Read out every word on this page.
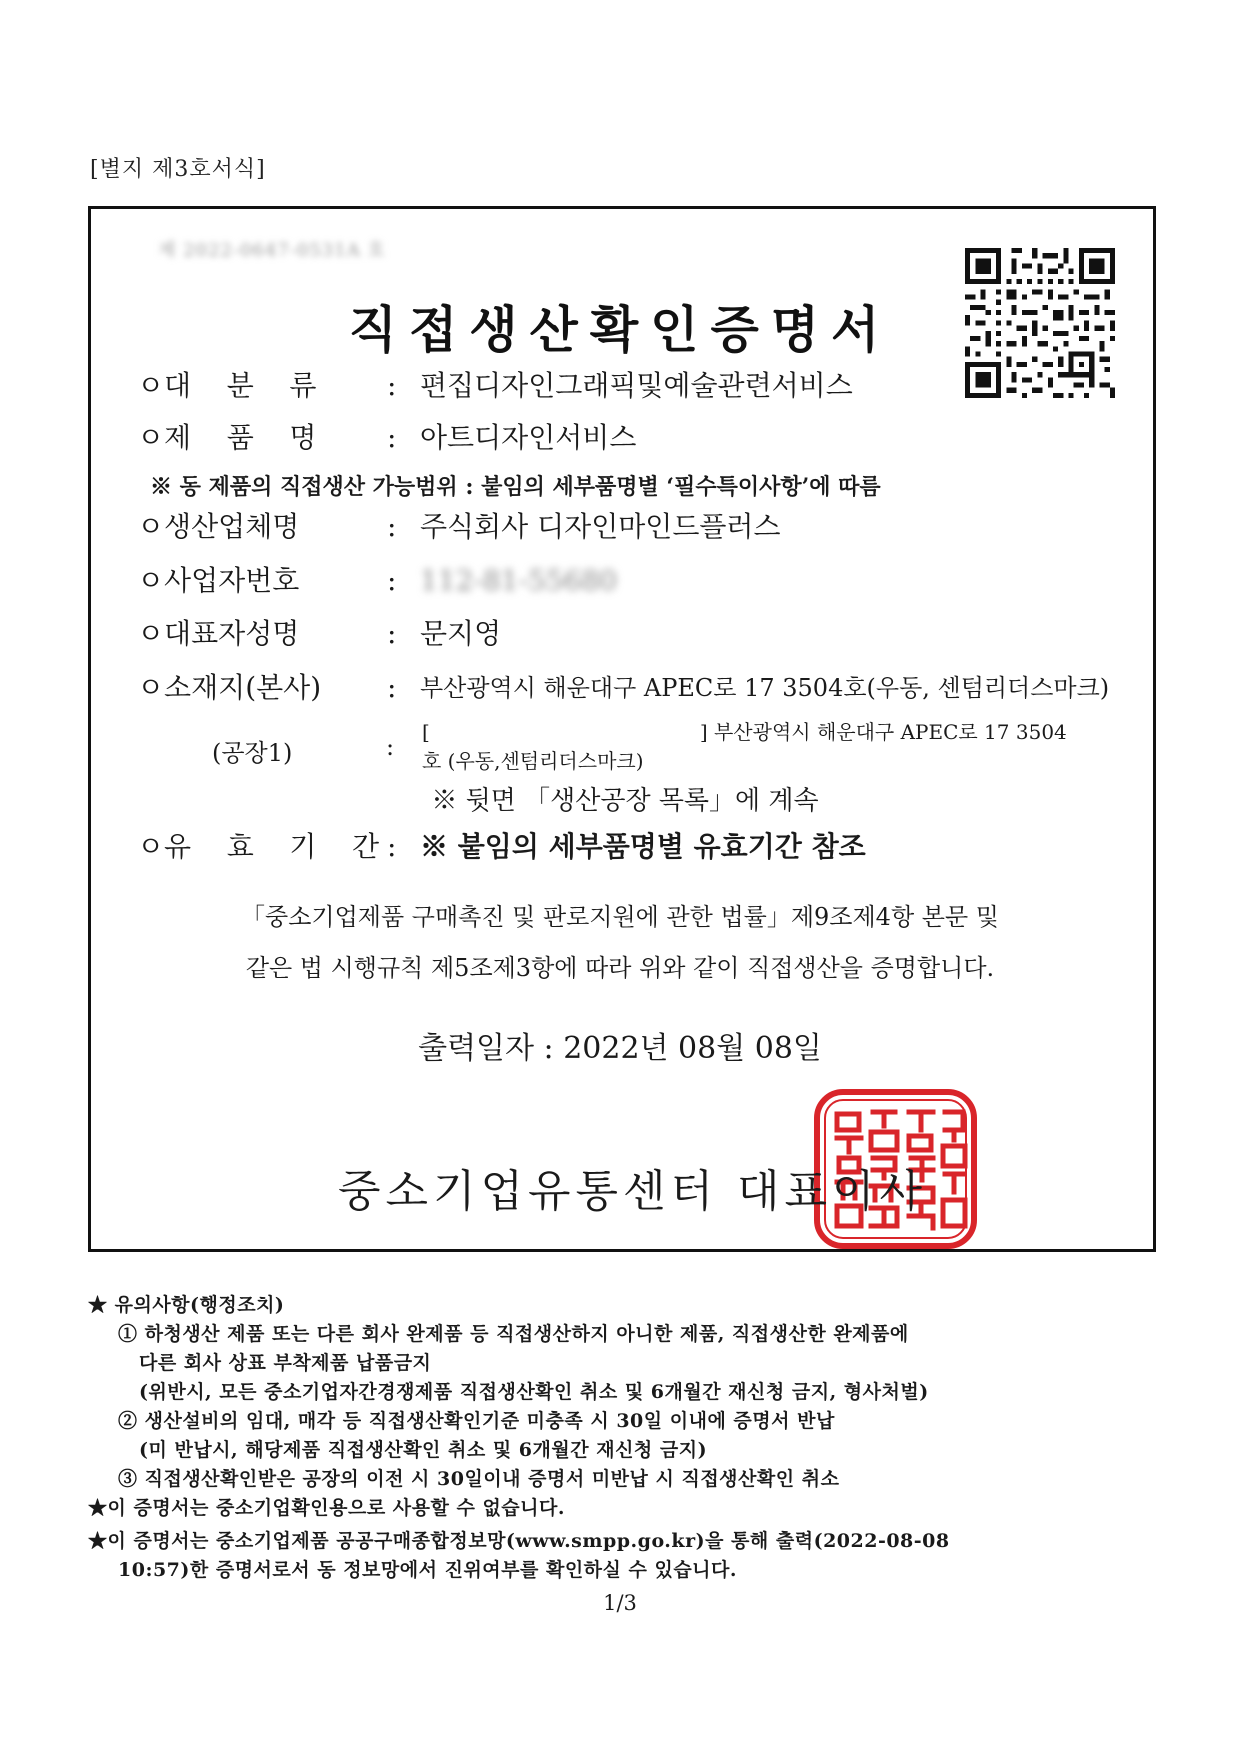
[별지 제3호서식]
제 2022-0647-0531A 호
직접생산확인증명서
ㅇ대    분    류	: 편집디자인그래픽및예술관련서비스
ㅇ제    품    명	: 아트디자인서비스
※ 동 제품의 직접생산 가능범위 : 붙임의 세부품명별 ‘필수특이사항’에 따름
ㅇ생산업체명	: 주식회사 디자인마인드플러스
ㅇ사업자번호	: 112-81-55680
ㅇ대표자성명	: 문지영
ㅇ소재지(본사) : 부산광역시 해운대구 APEC로 17 3504호(우동, 센텀리더스마크)
(공장1)	:
[	] 부산광역시 해운대구 APEC로 17 3504
호 (우동,센텀리더스마크)
※ 뒷면 「생산공장 목록」에 계속
ㅇ유    효    기    간 : ※ 붙임의 세부품명별 유효기간 참조
「중소기업제품 구매촉진 및 판로지원에 관한 법률」제9조제4항 본문 및
같은 법 시행규칙 제5조제3항에 따라 위와 같이 직접생산을 증명합니다.
출력일자 : 2022년 08월 08일
중소기업유통센터 대표이사
★ 유의사항(행정조치)
① 하청생산 제품 또는 다른 회사 완제품 등 직접생산하지 아니한 제품, 직접생산한 완제품에
다른 회사 상표 부착제품 납품금지
(위반시, 모든 중소기업자간경쟁제품 직접생산확인 취소 및 6개월간 재신청 금지, 형사처벌)
② 생산설비의 임대, 매각 등 직접생산확인기준 미충족 시 30일 이내에 증명서 반납
(미 반납시, 해당제품 직접생산확인 취소 및 6개월간 재신청 금지)
③ 직접생산확인받은 공장의 이전 시 30일이내 증명서 미반납 시 직접생산확인 취소
★이 증명서는 중소기업확인용으로 사용할 수 없습니다.
★이 증명서는 중소기업제품 공공구매종합정보망(www.smpp.go.kr)을 통해 출력(2022-08-08
10:57)한 증명서로서 동 정보망에서 진위여부를 확인하실 수 있습니다.
1/3
